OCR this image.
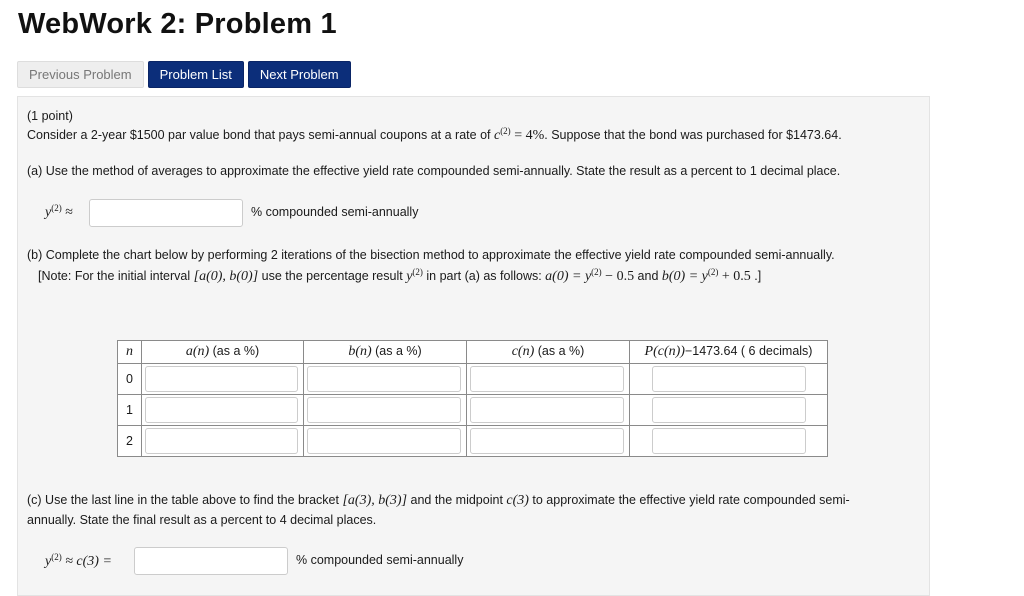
WebWork 2: Problem 1
Previous Problem	Problem List	Next Problem
(1 point)
Consider a 2-year $1500 par value bond that pays semi-annual coupons at a rate of $c^{(2)} = 4\%$. Suppose that the bond was purchased for $1473.64.
(a) Use the method of averages to approximate the effective yield rate compounded semi-annually. State the result as a percent to 1 decimal place.
$y^{(2)}$ ≈	% compounded semi-annually
(b) Complete the chart below by performing 2 iterations of the bisection method to approximate the effective yield rate compounded semi-annually.
[Note: For the initial interval [a(0), b(0)] use the percentage result $y^{(2)}$ in part (a) as follows: $a(0) = y^{(2)} - 0.5$ and $b(0) = y^{(2)} + 0.5$ .]
n	a(n) (as a %)	b(n) (as a %)	c(n) (as a %)	P(c(n))−1473.64 ( 6 decimals)
0	

1	

2	

(c) Use the last line in the table above to find the bracket [a(3), b(3)] and the midpoint c(3) to approximate the effective yield rate compounded semi-
annually. State the final result as a percent to 4 decimal places.
$y^{(2)} \approx c(3)$ =	% compounded semi-annually
